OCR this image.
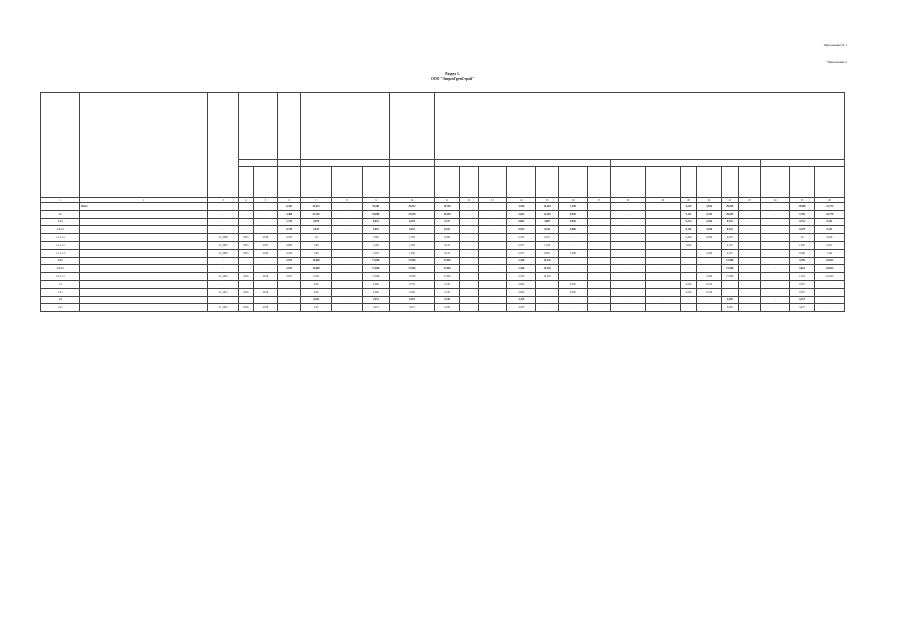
Приложение № 1
"Приложение 2
Раздел 1.
ООО "ЭнергоГрупСтрой"

1	2	3	4	5	6	7	8	9	10	11	12	13	14	15	16	17	18	19	20	21	22	23	24	25	26
	Всего				6,445	24,515		29,281	29,512	15,756	-		3,940	14,204	7,940				3,234	2,652	29,020			19,080	-13,775
1.1		-	-	-	3,486	23,765	-	18,685	23,095	10,356	-	-	2,054	11,255	6,839	-	-		3,114	2,355	26,695	-	-	7,785	-10,778
1.1.1		-	-	-	1,735	4,978	-	6,025	6,478	3,737	-	-	0,864	3,887	0,876		-		0,214	2,204	0,344	-		4,751	0,231
1.1.1.1		-	-	-	0,739	3,610	-	2,602	3,641	0,241	-	-	0,074	0,244	0,800		-		0,110	2,040	0,244	-		4,478	0,231
1.1.1.1.1		21_0006	2015	2018	0,470	1,8		1,360	1,760	0,356	-		0,105	0,251	-				2,400	0,300	0,470			1,6	0,016
1.1.1.1.2		21_0007	2015	2017	0,980	1,80		1,180	1,180	0,115	-		0,075	1,045	-				1,045		2,170			1,045	0,027
1.1.1.1.3		21_0005	2015	2019	0,433	1,80		1,250	1,020	0,115	-		0,075	0,947	2,280					2,040	2,127			0,040	1,192
1.2.1		-	-	-	2,975	15,600	-	17,060	17,065	17,065	-	-	1,440	14,335	-						17,060			3,785	-10,022
1.2.1.1		-	-	-	2,975	15,600	-	17,060	17,065	17,065	-	-	1,440	14,335	-	-	-	-	-	-	17,060	-	-	3,610	-10,022
1.2.1.1.1		21_0010	2016	2018	2,975	15,60		17,060	17,065	17,065	-		2,350	14,335	-					2,040	17,060			1,354	-10,022
1.3		-	-	-	-	2,00		2,590	2,735	2,145	-		2,000	-	0,595				0,220	0,120	-			2,027	-
1.3.1		21_0011	2016	2018	-	2,00		2,590	2,595	2,145	-		2,000	-	0,595				0,220	2,130	-			2,027	-
1.4		-	-	-	-	3,450	-	3,475	3,475	3,245	-	-	3,475	-	-	-	-	-	-	-	3,450	-	-	3,475	-
1.4.1		21_0012	2016	2018	-	3,45		3,475	3,475	3,245	-		3,475	-	-						3,450			3,475	-
